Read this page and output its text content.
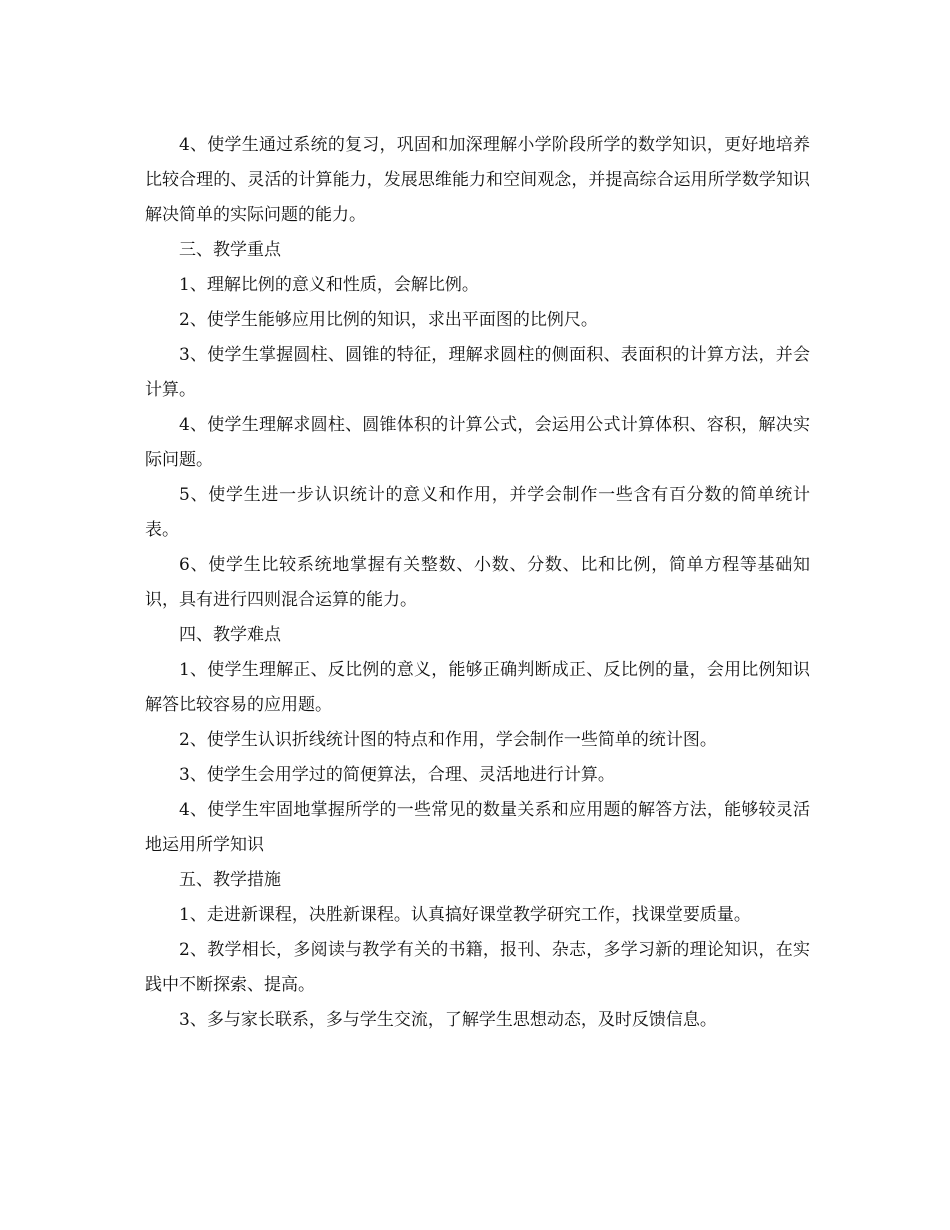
4、使学生通过系统的复习，巩固和加深理解小学阶段所学的数学知识，更好地培养比较合理的、灵活的计算能力，发展思维能力和空间观念，并提高综合运用所学数学知识解决简单的实际问题的能力。

三、教学重点

1、理解比例的意义和性质，会解比例。

2、使学生能够应用比例的知识，求出平面图的比例尺。

3、使学生掌握圆柱、圆锥的特征，理解求圆柱的侧面积、表面积的计算方法，并会计算。

4、使学生理解求圆柱、圆锥体积的计算公式，会运用公式计算体积、容积，解决实际问题。

5、使学生进一步认识统计的意义和作用，并学会制作一些含有百分数的简单统计表。

6、使学生比较系统地掌握有关整数、小数、分数、比和比例，简单方程等基础知识，具有进行四则混合运算的能力。

四、教学难点

1、使学生理解正、反比例的意义，能够正确判断成正、反比例的量，会用比例知识解答比较容易的应用题。

2、使学生认识折线统计图的特点和作用，学会制作一些简单的统计图。

3、使学生会用学过的简便算法，合理、灵活地进行计算。

4、使学生牢固地掌握所学的一些常见的数量关系和应用题的解答方法，能够较灵活地运用所学知识

五、教学措施

1、走进新课程，决胜新课程。认真搞好课堂教学研究工作，找课堂要质量。

2、教学相长，多阅读与教学有关的书籍，报刊、杂志，多学习新的理论知识，在实践中不断探索、提高。

3、多与家长联系，多与学生交流，了解学生思想动态，及时反馈信息。
